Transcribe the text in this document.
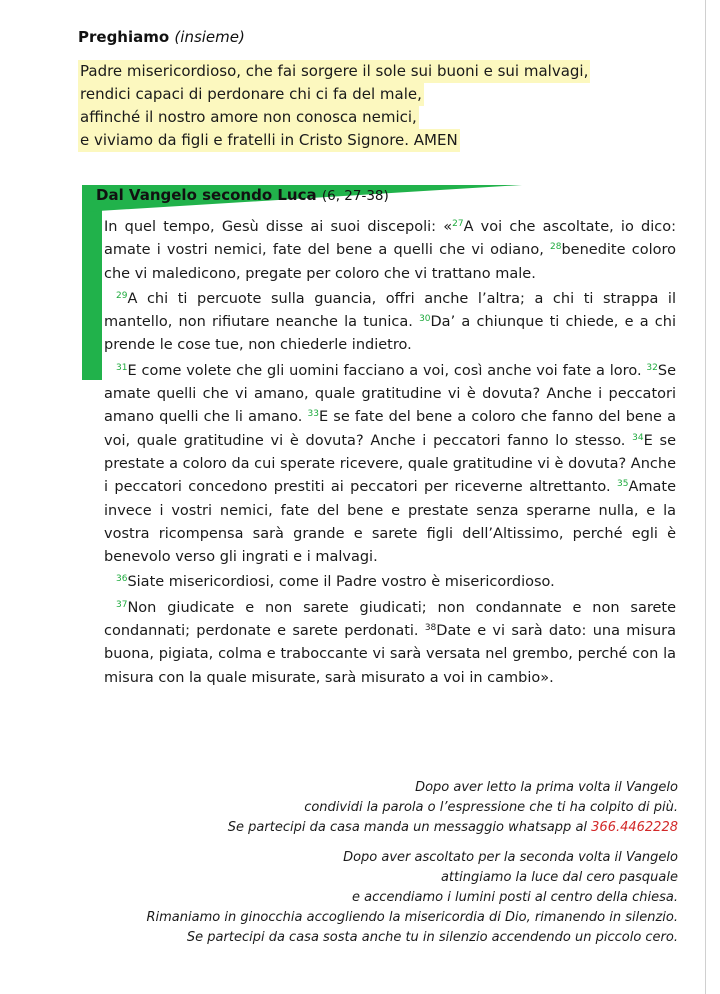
Preghiamo (insieme)
Padre misericordioso, che fai sorgere il sole sui buoni e sui malvagi,
rendici capaci di perdonare chi ci fa del male,
affinché il nostro amore non conosca nemici,
e viviamo da figli e fratelli in Cristo Signore. AMEN
Dal Vangelo secondo Luca (6, 27-38)

In quel tempo, Gesù disse ai suoi discepoli: «$^{27}$A voi che ascoltate, io dico: amate i vostri nemici, fate del bene a quelli che vi odiano, $^{28}$benedite coloro che vi maledicono, pregate per coloro che vi trattano male.

$^{29}$A chi ti percuote sulla guancia, offri anche l’altra; a chi ti strappa il mantello, non rifiutare neanche la tunica. $^{30}$Da’ a chiunque ti chiede, e a chi prende le cose tue, non chiederle indietro.

$^{31}$E come volete che gli uomini facciano a voi, così anche voi fate a loro. $^{32}$Se amate quelli che vi amano, quale gratitudine vi è dovuta? Anche i peccatori amano quelli che li amano. $^{33}$E se fate del bene a coloro che fanno del bene a voi, quale gratitudine vi è dovuta? Anche i peccatori fanno lo stesso. $^{34}$E se prestate a coloro da cui sperate ricevere, quale gratitudine vi è dovuta? Anche i peccatori concedono prestiti ai peccatori per riceverne altrettanto. $^{35}$Amate invece i vostri nemici, fate del bene e prestate senza sperarne nulla, e la vostra ricompensa sarà grande e sarete figli dell’Altissimo, perché egli è benevolo verso gli ingrati e i malvagi.

$^{36}$Siate misericordiosi, come il Padre vostro è misericordioso.

$^{37}$Non giudicate e non sarete giudicati; non condannate e non sarete condannati; perdonate e sarete perdonati. $^{38}$Date e vi sarà dato: una misura buona, pigiata, colma e traboccante vi sarà versata nel grembo, perché con la misura con la quale misurate, sarà misurato a voi in cambio».

Dopo aver letto la prima volta il Vangelo
condividi la parola o l’espressione che ti ha colpito di più.
Se partecipi da casa manda un messaggio whatsapp al 366.4462228
Dopo aver ascoltato per la seconda volta il Vangelo
attingiamo la luce dal cero pasquale
e accendiamo i lumini posti al centro della chiesa.
Rimaniamo in ginocchia accogliendo la misericordia di Dio, rimanendo in silenzio.
Se partecipi da casa sosta anche tu in silenzio accendendo un piccolo cero.
